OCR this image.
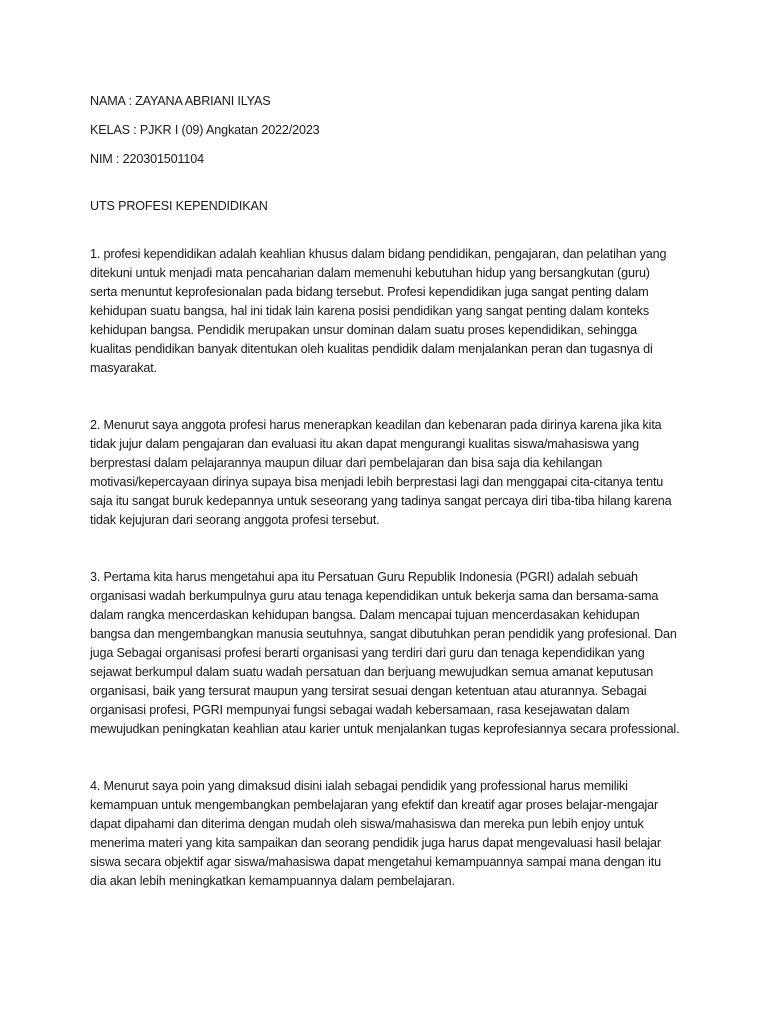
NAMA : ZAYANA ABRIANI ILYAS
KELAS : PJKR I (09) Angkatan 2022/2023
NIM : 220301501104
UTS PROFESI KEPENDIDIKAN

1. profesi kependidikan adalah keahlian khusus dalam bidang pendidikan, pengajaran, dan pelatihan yang ditekuni untuk menjadi mata pencaharian dalam memenuhi kebutuhan hidup yang bersangkutan (guru) serta menuntut keprofesionalan pada bidang tersebut. Profesi kependidikan juga sangat penting dalam kehidupan suatu bangsa, hal ini tidak lain karena posisi pendidikan yang sangat penting dalam konteks kehidupan bangsa. Pendidik merupakan unsur dominan dalam suatu proses kependidikan, sehingga kualitas pendidikan banyak ditentukan oleh kualitas pendidik dalam menjalankan peran dan tugasnya di masyarakat.

2. Menurut saya anggota profesi harus menerapkan keadilan dan kebenaran pada dirinya karena jika kita tidak jujur dalam pengajaran dan evaluasi itu akan dapat mengurangi kualitas siswa/mahasiswa yang berprestasi dalam pelajarannya maupun diluar dari pembelajaran dan bisa saja dia kehilangan motivasi/kepercayaan dirinya supaya bisa menjadi lebih berprestasi lagi dan menggapai cita-citanya tentu saja itu sangat buruk kedepannya untuk seseorang yang tadinya sangat percaya diri tiba-tiba hilang karena tidak kejujuran dari seorang anggota profesi tersebut.

3. Pertama kita harus mengetahui apa itu Persatuan Guru Republik Indonesia (PGRI) adalah sebuah organisasi wadah berkumpulnya guru atau tenaga kependidikan untuk bekerja sama dan bersama-sama dalam rangka mencerdaskan kehidupan bangsa. Dalam mencapai tujuan mencerdasakan kehidupan bangsa dan mengembangkan manusia seutuhnya, sangat dibutuhkan peran pendidik yang profesional. Dan juga Sebagai organisasi profesi berarti organisasi yang terdiri dari guru dan tenaga kependidikan yang sejawat berkumpul dalam suatu wadah persatuan dan berjuang mewujudkan semua amanat keputusan organisasi, baik yang tersurat maupun yang tersirat sesuai dengan ketentuan atau aturannya. Sebagai organisasi profesi, PGRI mempunyai fungsi sebagai wadah kebersamaan, rasa kesejawatan dalam mewujudkan peningkatan keahlian atau karier untuk menjalankan tugas keprofesiannya secara professional.

4. Menurut saya poin yang dimaksud disini ialah sebagai pendidik yang professional harus memiliki kemampuan untuk mengembangkan pembelajaran yang efektif dan kreatif agar proses belajar-mengajar dapat dipahami dan diterima dengan mudah oleh siswa/mahasiswa dan mereka pun lebih enjoy untuk menerima materi yang kita sampaikan dan seorang pendidik juga harus dapat mengevaluasi hasil belajar siswa secara objektif agar siswa/mahasiswa dapat mengetahui kemampuannya sampai mana dengan itu dia akan lebih meningkatkan kemampuannya dalam pembelajaran.
